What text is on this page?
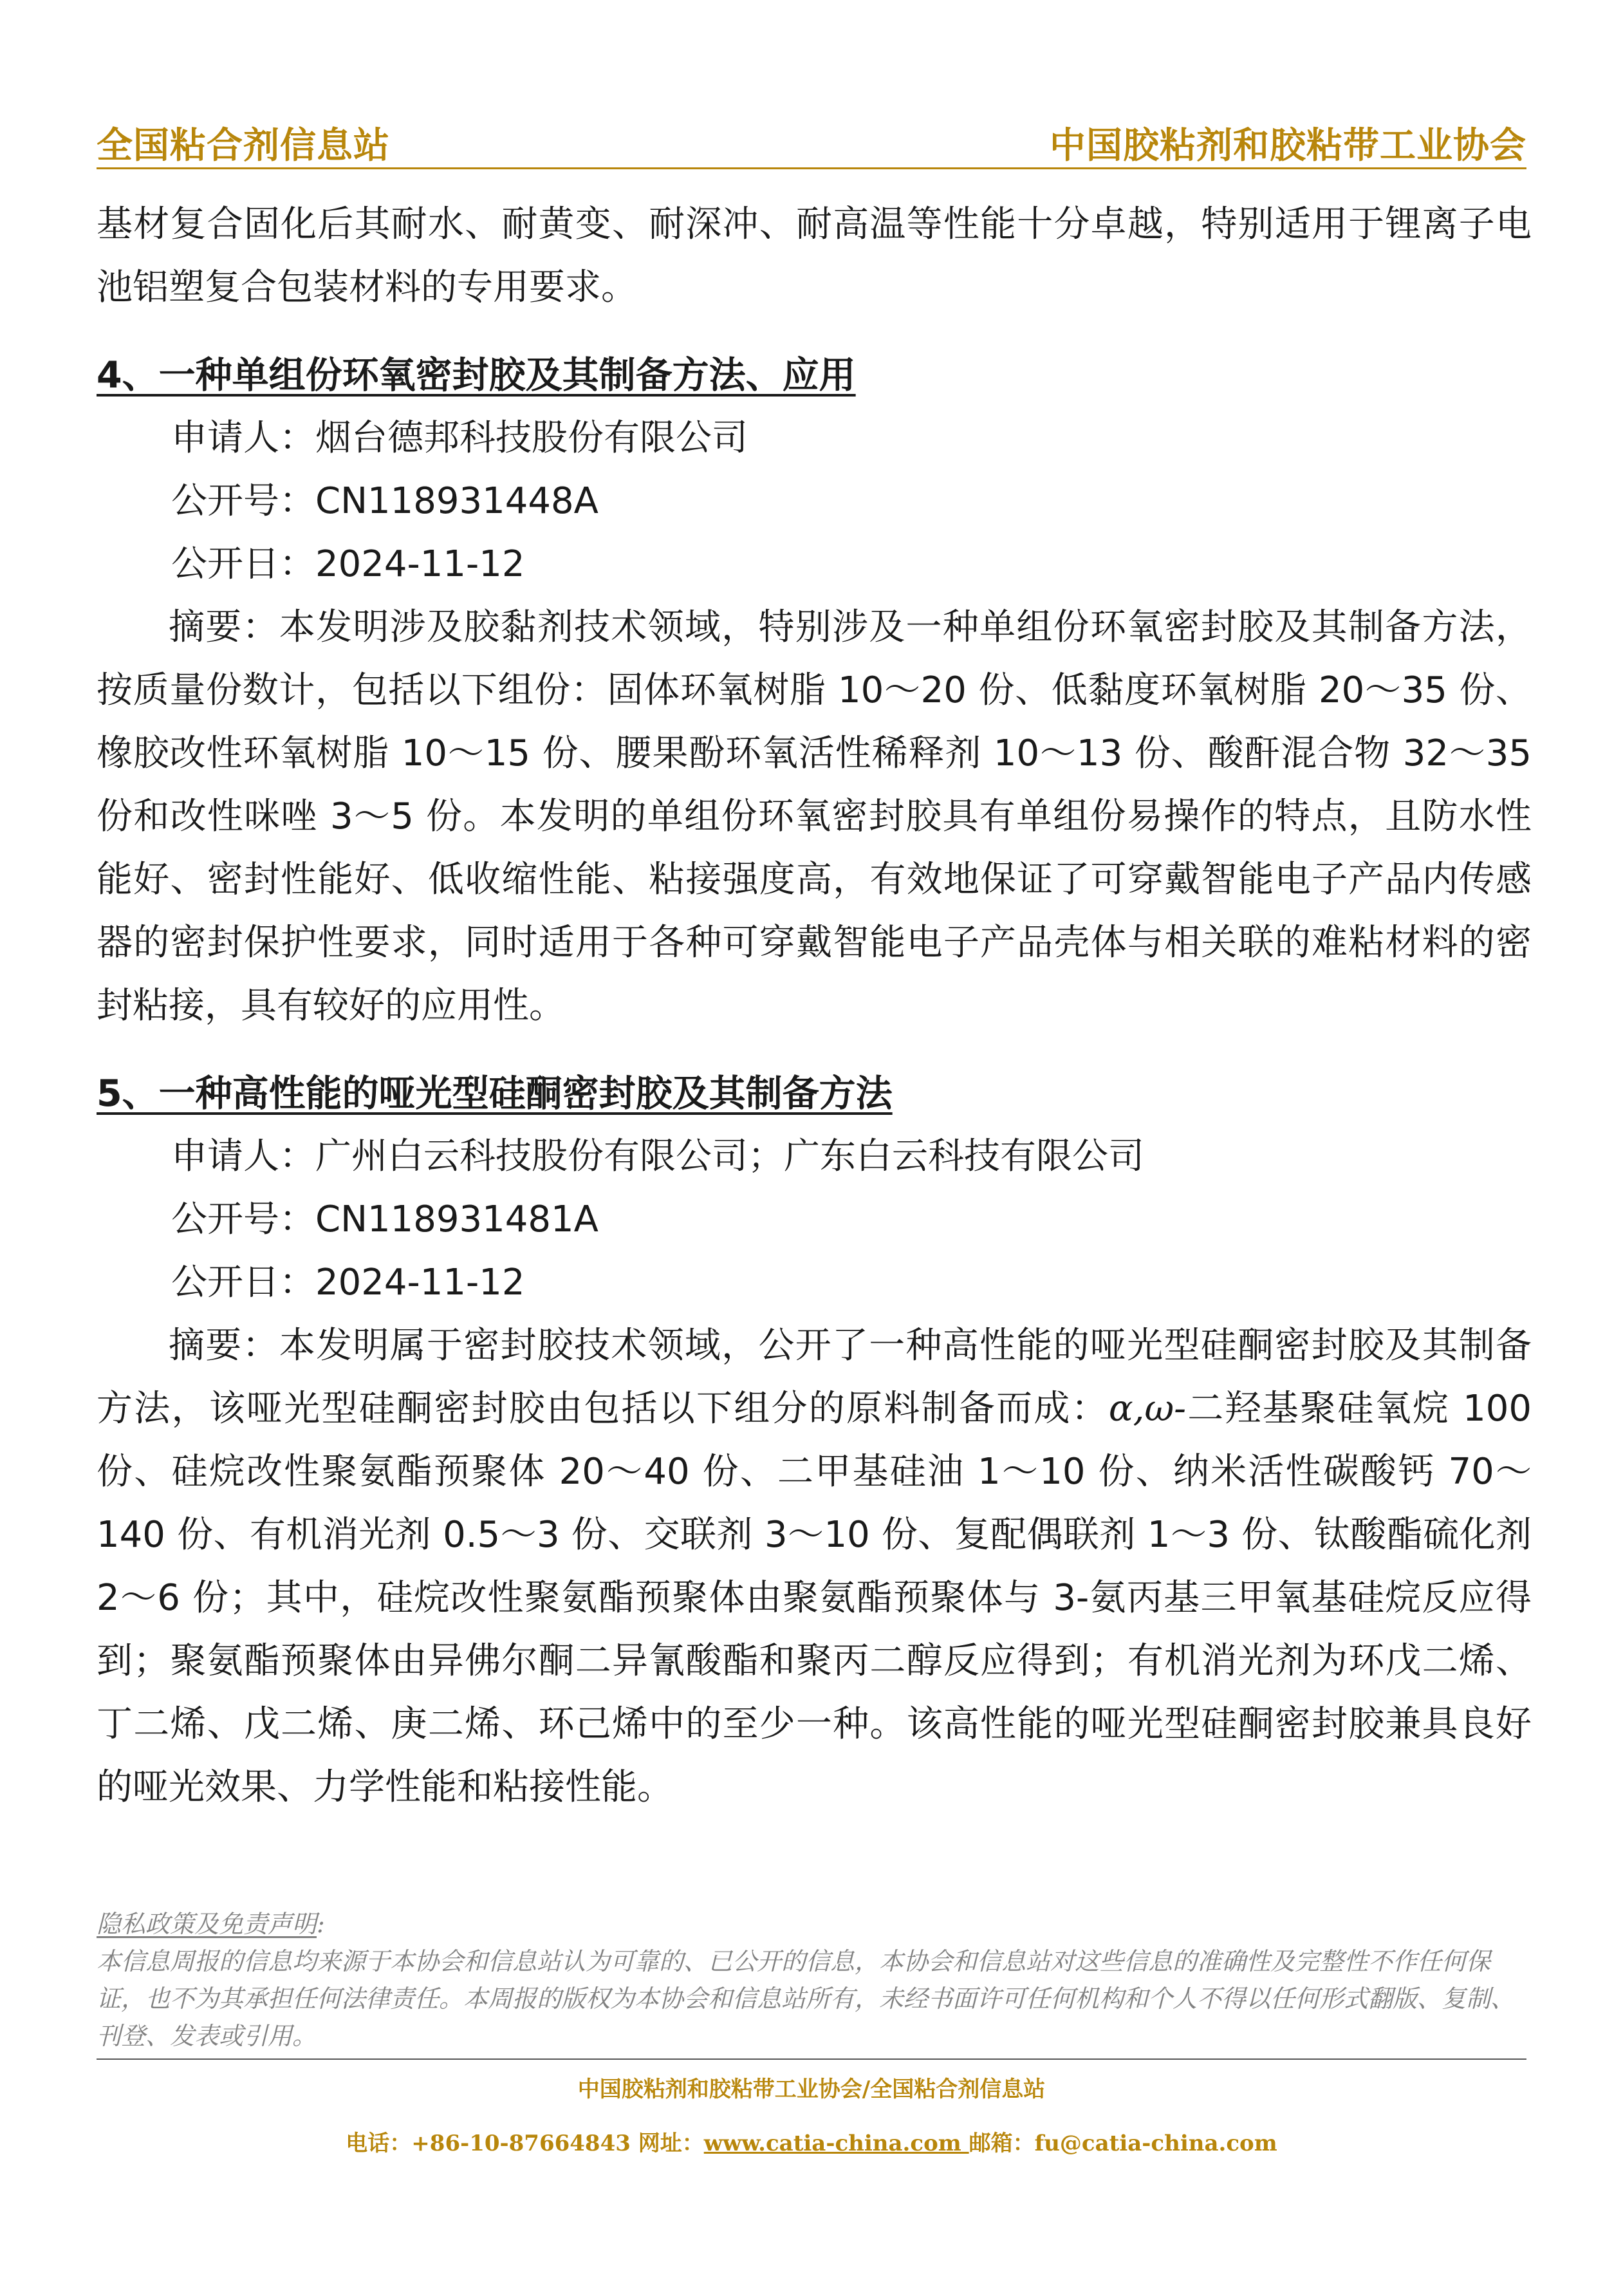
全国粘合剂信息站	中国胶粘剂和胶粘带工业协会

基材复合固化后其耐水、耐黄变、耐深冲、耐高温等性能十分卓越，特别适用于锂离子电池铝塑复合包装材料的专用要求。

4、一种单组份环氧密封胶及其制备方法、应用

申请人：烟台德邦科技股份有限公司

公开号：CN118931448A

公开日：2024-11-12

摘要：本发明涉及胶黏剂技术领域，特别涉及一种单组份环氧密封胶及其制备方法，按质量份数计，包括以下组份：固体环氧树脂 10～20 份、低黏度环氧树脂 20～35 份、橡胶改性环氧树脂 10～15 份、腰果酚环氧活性稀释剂 10～13 份、酸酐混合物 32～35 份和改性咪唑 3～5 份。本发明的单组份环氧密封胶具有单组份易操作的特点，且防水性能好、密封性能好、低收缩性能、粘接强度高，有效地保证了可穿戴智能电子产品内传感器的密封保护性要求，同时适用于各种可穿戴智能电子产品壳体与相关联的难粘材料的密封粘接，具有较好的应用性。

5、一种高性能的哑光型硅酮密封胶及其制备方法

申请人：广州白云科技股份有限公司；广东白云科技有限公司

公开号：CN118931481A

公开日：2024-11-12

摘要：本发明属于密封胶技术领域，公开了一种高性能的哑光型硅酮密封胶及其制备方法，该哑光型硅酮密封胶由包括以下组分的原料制备而成：α,ω-二羟基聚硅氧烷 100 份、硅烷改性聚氨酯预聚体 20～40 份、二甲基硅油 1～10 份、纳米活性碳酸钙 70～140 份、有机消光剂 0.5～3 份、交联剂 3～10 份、复配偶联剂 1～3 份、钛酸酯硫化剂 2～6 份；其中，硅烷改性聚氨酯预聚体由聚氨酯预聚体与 3-氨丙基三甲氧基硅烷反应得到；聚氨酯预聚体由异佛尔酮二异氰酸酯和聚丙二醇反应得到；有机消光剂为环戊二烯、丁二烯、戊二烯、庚二烯、环己烯中的至少一种。该高性能的哑光型硅酮密封胶兼具良好的哑光效果、力学性能和粘接性能。

隐私政策及免责声明:
本信息周报的信息均来源于本协会和信息站认为可靠的、已公开的信息，本协会和信息站对这些信息的准确性及完整性不作任何保证，也不为其承担任何法律责任。本周报的版权为本协会和信息站所有，未经书面许可任何机构和个人不得以任何形式翻版、复制、刊登、发表或引用。
中国胶粘剂和胶粘带工业协会/全国粘合剂信息站
电话：+86-10-87664843 网址：www.catia-china.com 邮箱：fu@catia-china.com
